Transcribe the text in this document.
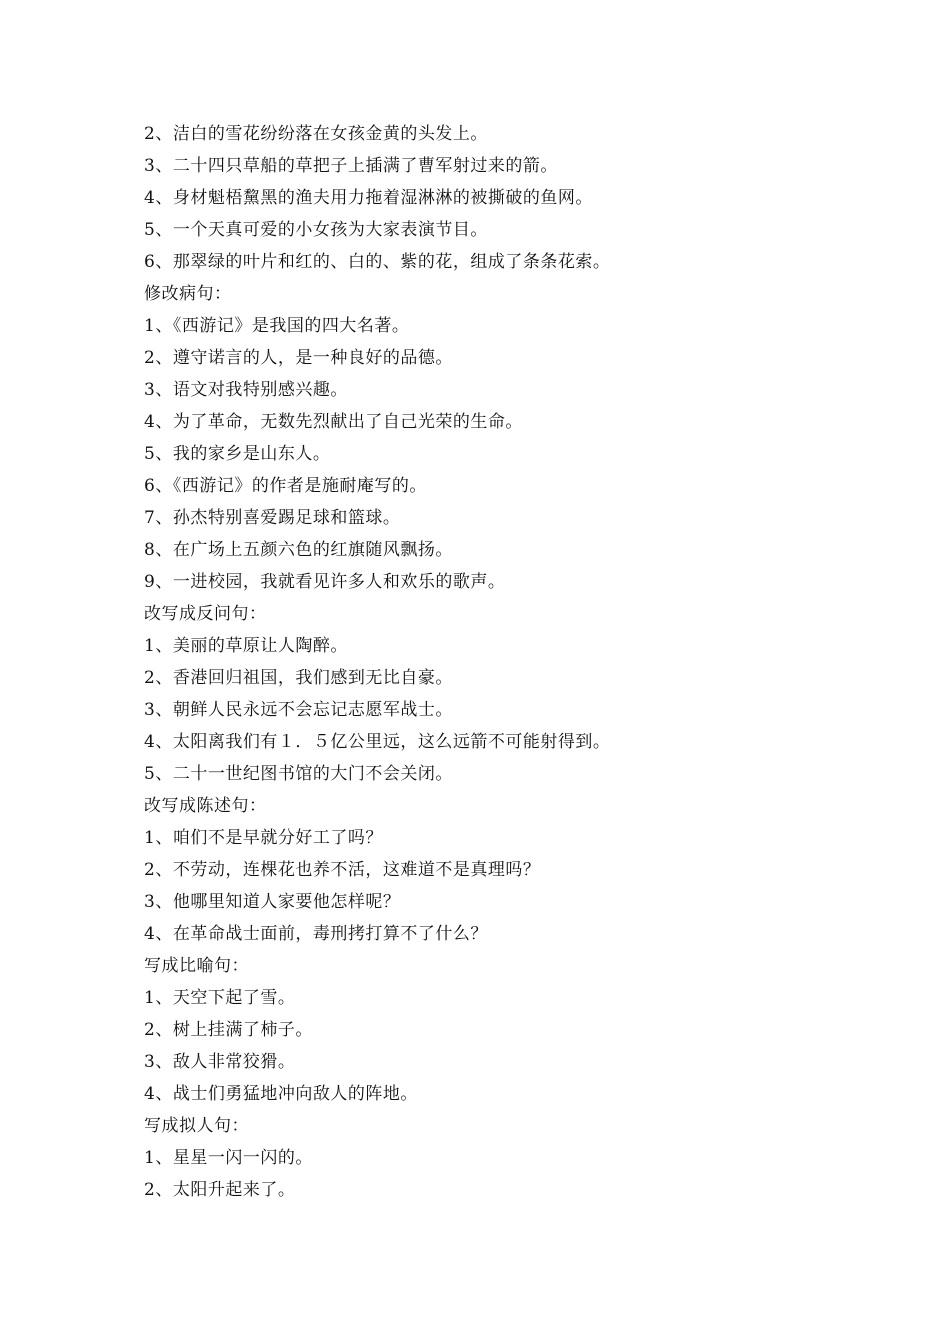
2、洁白的雪花纷纷落在女孩金黄的头发上。
3、二十四只草船的草把子上插满了曹军射过来的箭。
4、身材魁梧黧黑的渔夫用力拖着湿淋淋的被撕破的鱼网。
5、一个天真可爱的小女孩为大家表演节目。
6、那翠绿的叶片和红的、白的、紫的花，组成了条条花索。
修改病句：
1、《西游记》是我国的四大名著。
2、遵守诺言的人，是一种良好的品德。
3、语文对我特别感兴趣。
4、为了革命，无数先烈献出了自己光荣的生命。
5、我的家乡是山东人。
6、《西游记》的作者是施耐庵写的。
7、孙杰特别喜爱踢足球和篮球。
8、在广场上五颜六色的红旗随风飘扬。
9、一进校园，我就看见许多人和欢乐的歌声。
改写成反问句：
1、美丽的草原让人陶醉。
2、香港回归祖国，我们感到无比自豪。
3、朝鲜人民永远不会忘记志愿军战士。
4、太阳离我们有１．５亿公里远，这么远箭不可能射得到。
5、二十一世纪图书馆的大门不会关闭。
改写成陈述句：
1、咱们不是早就分好工了吗？
2、不劳动，连棵花也养不活，这难道不是真理吗？
3、他哪里知道人家要他怎样呢？
4、在革命战士面前，毒刑拷打算不了什么？
写成比喻句：
1、天空下起了雪。
2、树上挂满了柿子。
3、敌人非常狡猾。
4、战士们勇猛地冲向敌人的阵地。
写成拟人句：
1、星星一闪一闪的。
2、太阳升起来了。
